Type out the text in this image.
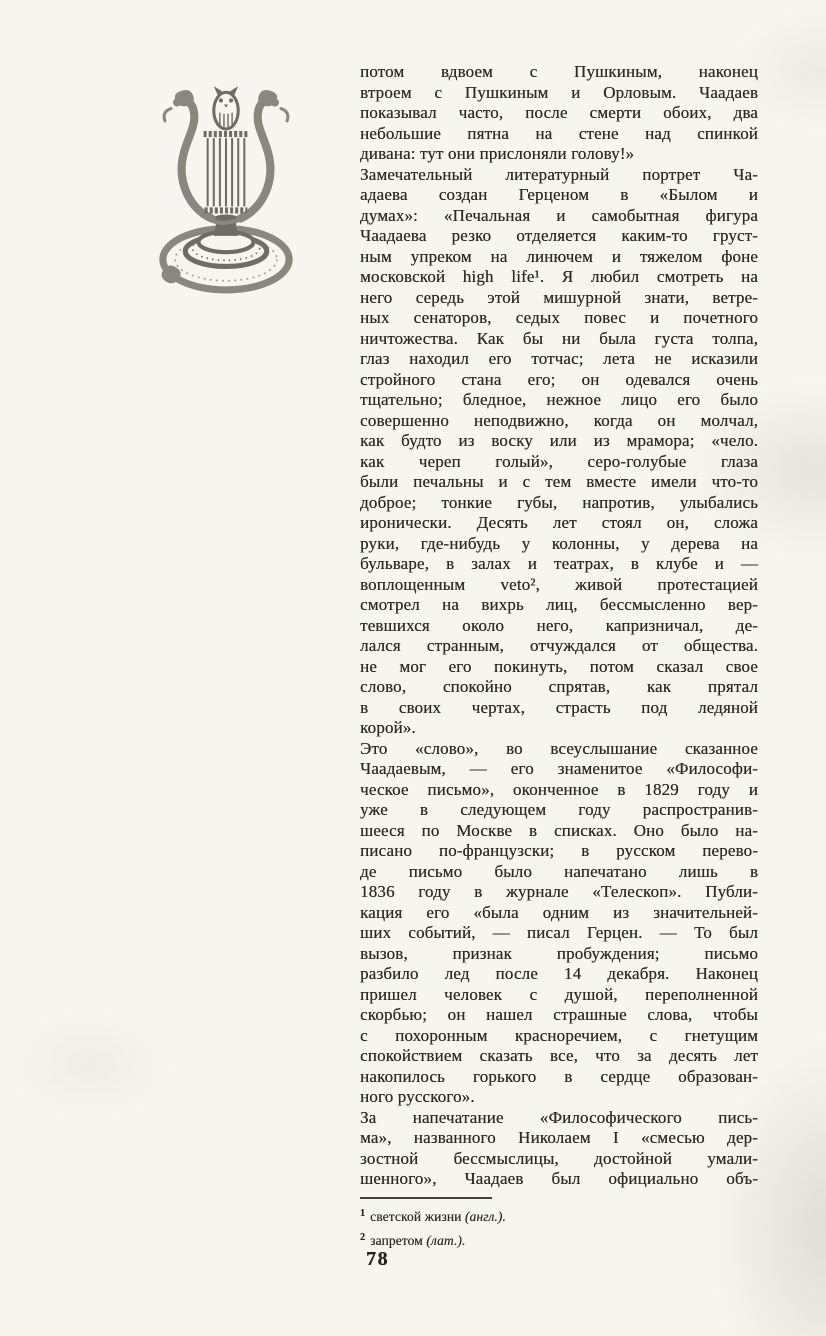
потом вдвоем с Пушкиным, наконец
втроем с Пушкиным и Орловым. Чаадаев
показывал часто, после смерти обоих, два
небольшие пятна на стене над спинкой
дивана: тут они прислоняли голову!»
Замечательный литературный портрет Ча-
адаева создан Герценом в «Былом и
думах»: «Печальная и самобытная фигура
Чаадаева резко отделяется каким-то груст-
ным упреком на линючем и тяжелом фоне
московской high life¹. Я любил смотреть на
него середь этой мишурной знати, ветре-
ных сенаторов, седых повес и почетного
ничтожества. Как бы ни была густа толпа,
глаз находил его тотчас; лета не исказили
стройного стана его; он одевался очень
тщательно; бледное, нежное лицо его было
совершенно неподвижно, когда он молчал,
как будто из воску или из мрамора; «чело.
как череп голый», серо-голубые глаза
были печальны и с тем вместе имели что-то
доброе; тонкие губы, напротив, улыбались
иронически. Десять лет стоял он, сложа
руки, где-нибудь у колонны, у дерева на
бульваре, в залах и театрах, в клубе и —
воплощенным veto², живой протестацией
смотрел на вихрь лиц, бессмысленно вер-
тевшихся около него, капризничал, де-
лался странным, отчуждался от общества.
не мог его покинуть, потом сказал свое
слово, спокойно спрятав, как прятал
в своих чертах, страсть под ледяной
корой».
Это «слово», во всеуслышание сказанное
Чаадаевым, — его знаменитое «Философи-
ческое письмо», оконченное в 1829 году и
уже в следующем году распространив-
шееся по Москве в списках. Оно было на-
писано по-французски; в русском перево-
де письмо было напечатано лишь в
1836 году в журнале «Телескоп». Публи-
кация его «была одним из значительней-
ших событий, — писал Герцен. — То был
вызов, признак пробуждения; письмо
разбило лед после 14 декабря. Наконец
пришел человек с душой, переполненной
скорбью; он нашел страшные слова, чтобы
с похоронным красноречием, с гнетущим
спокойствием сказать все, что за десять лет
накопилось горького в сердце образован-
ного русского».
За напечатание «Философического пись-
ма», названного Николаем I «смесью дер-
зостной бессмыслицы, достойной умали-
шенного», Чаадаев был официально объ-
1 светской жизни (англ.).
2 запретом (лат.).
78
